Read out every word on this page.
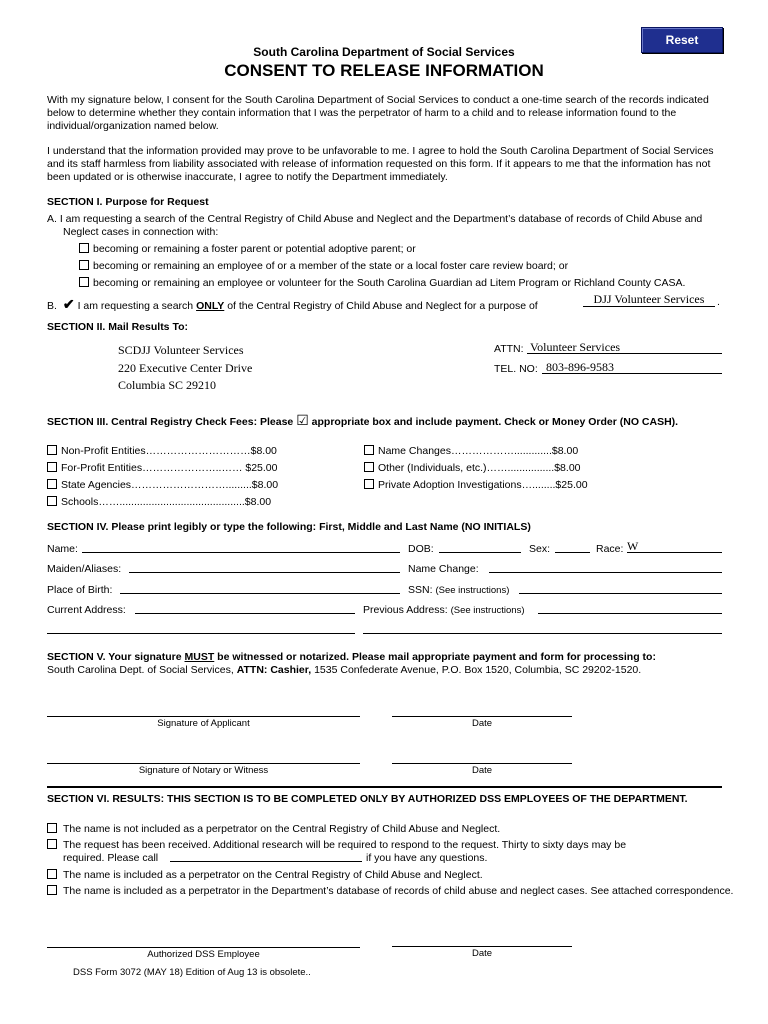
Reset
South Carolina Department of Social Services
CONSENT TO RELEASE INFORMATION
With my signature below, I consent for the South Carolina Department of Social Services to conduct a one-time search of the records indicated below to determine whether they contain information that I was the perpetrator of harm to a child and to release information found to the individual/organization named below.
I understand that the information provided may prove to be unfavorable to me. I agree to hold the South Carolina Department of Social Services and its staff harmless from liability associated with release of information requested on this form. If it appears to me that the information has not been updated or is otherwise inaccurate, I agree to notify the Department immediately.
SECTION I. Purpose for Request
A. I am requesting a search of the Central Registry of Child Abuse and Neglect and the Department’s database of records of Child Abuse and Neglect cases in connection with:
becoming or remaining a foster parent or potential adoptive parent; or
becoming or remaining an employee of or a member of the state or a local foster care review board; or
becoming or remaining an employee or volunteer for the South Carolina Guardian ad Litem Program or Richland County CASA.
B. ✔ I am requesting a search ONLY of the Central Registry of Child Abuse and Neglect for a purpose of	DJJ Volunteer Services	.
SECTION II. Mail Results To:
SCDJJ Volunteer Services
220 Executive Center Drive
Columbia SC 29210
ATTN: Volunteer Services
TEL. NO: 803-896-9583
SECTION III. Central Registry Check Fees: Please ☑ appropriate box and include payment. Check or Money Order (NO CASH).
Non-Profit Entities…………………………$8.00
For-Profit Entities…………………..…… $25.00
State Agencies……………………….........$8.00
Schools……...........................................$8.00
Name Changes……………….............$8.00
Other (Individuals, etc.)……................$8.00
Private Adoption Investigations…........$25.00
SECTION IV. Please print legibly or type the following: First, Middle and Last Name (NO INITIALS)
Name:	DOB:	Sex:	Race: W
Maiden/Aliases:	Name Change:
Place of Birth:	SSN: (See instructions)
Current Address:	Previous Address: (See instructions)
SECTION V. Your signature MUST be witnessed or notarized. Please mail appropriate payment and form for processing to:
South Carolina Dept. of Social Services, ATTN: Cashier, 1535 Confederate Avenue, P.O. Box 1520, Columbia, SC 29202-1520.
Signature of Applicant	Date
Signature of Notary or Witness	Date
SECTION VI. RESULTS: THIS SECTION IS TO BE COMPLETED ONLY BY AUTHORIZED DSS EMPLOYEES OF THE DEPARTMENT.
The name is not included as a perpetrator on the Central Registry of Child Abuse and Neglect.
The request has been received. Additional research will be required to respond to the request. Thirty to sixty days may be
required. Please call	if you have any questions.
The name is included as a perpetrator on the Central Registry of Child Abuse and Neglect.
The name is included as a perpetrator in the Department’s database of records of child abuse and neglect cases. See attached correspondence.
Authorized DSS Employee	Date
DSS Form 3072 (MAY 18) Edition of Aug 13 is obsolete..
